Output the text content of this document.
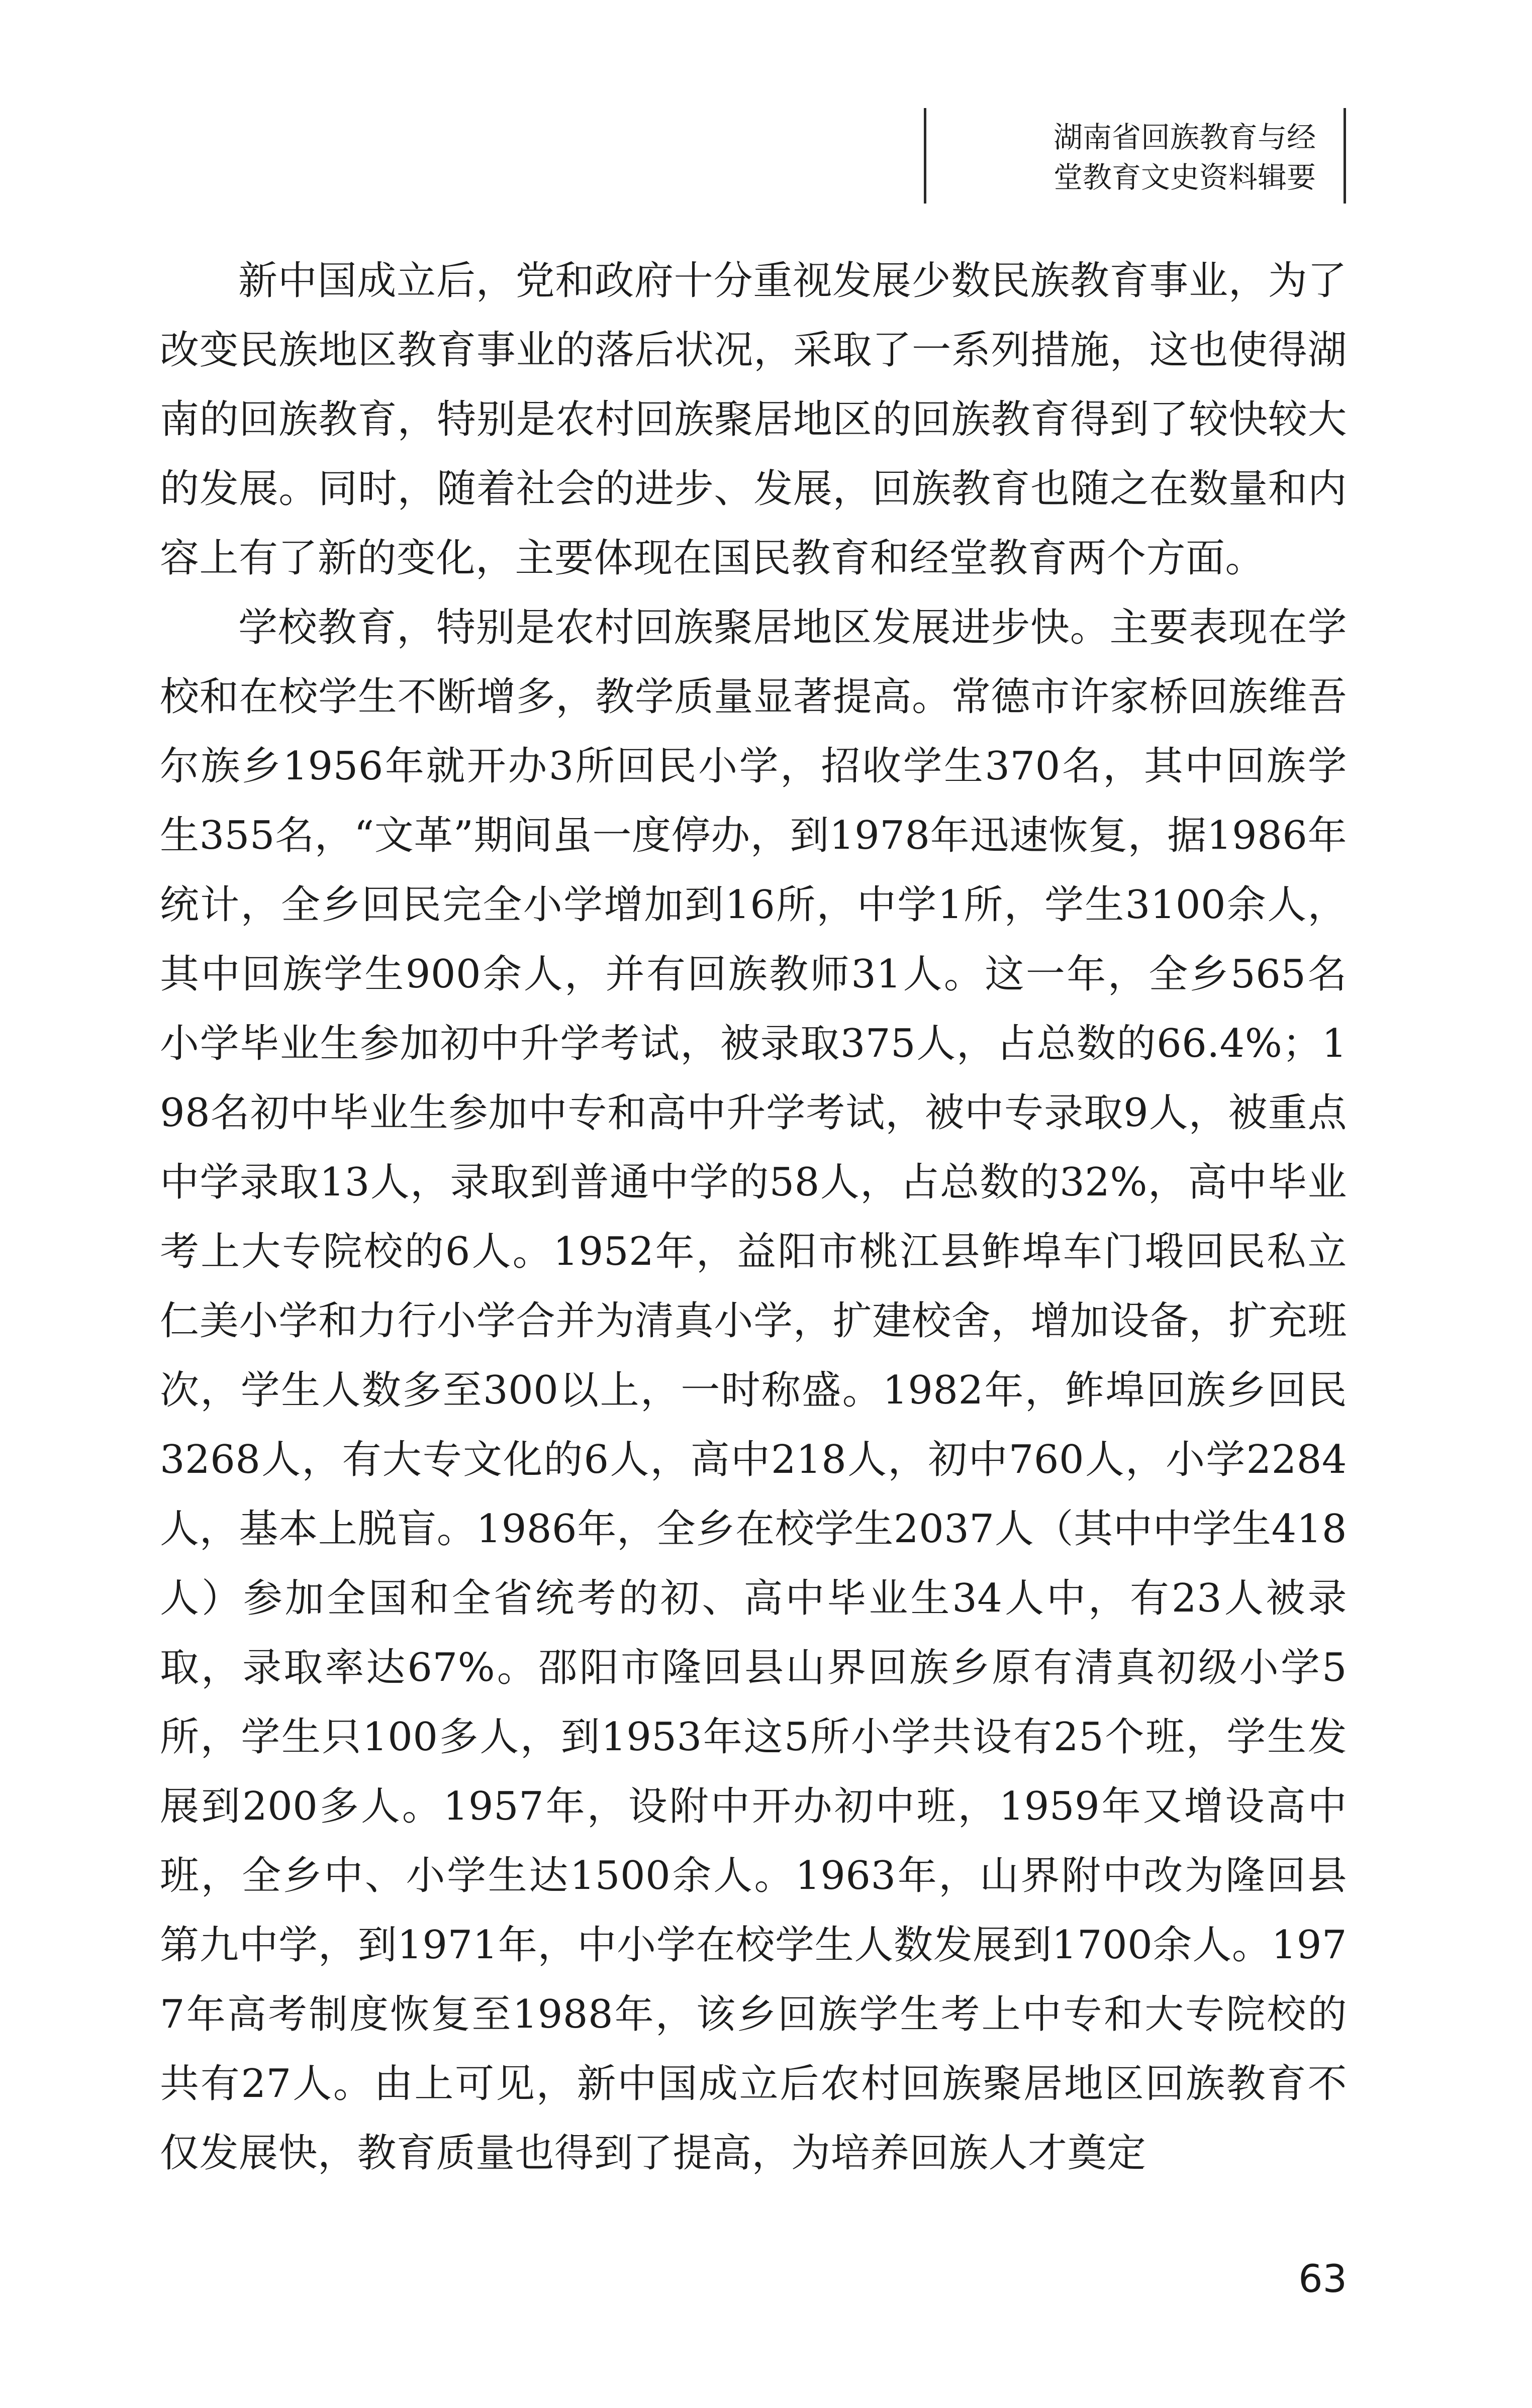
湖南省回族教育与经
堂教育文史资料辑要

新中国成立后，党和政府十分重视发展少数民族教育事业，为了改变民族地区教育事业的落后状况，采取了一系列措施，这也使得湖南的回族教育，特别是农村回族聚居地区的回族教育得到了较快较大的发展。同时，随着社会的进步、发展，回族教育也随之在数量和内容上有了新的变化，主要体现在国民教育和经堂教育两个方面。

学校教育，特别是农村回族聚居地区发展进步快。主要表现在学校和在校学生不断增多，教学质量显著提高。常德市许家桥回族维吾尔族乡1956年就开办3所回民小学，招收学生370名，其中回族学生355名，“文革”期间虽一度停办，到1978年迅速恢复，据1986年统计，全乡回民完全小学增加到16所，中学1所，学生3100余人，其中回族学生900余人，并有回族教师31人。这一年，全乡565名小学毕业生参加初中升学考试，被录取375人，占总数的66.4%；198名初中毕业生参加中专和高中升学考试，被中专录取9人，被重点中学录取13人，录取到普通中学的58人，占总数的32%，高中毕业考上大专院校的6人。1952年，益阳市桃江县鲊埠车门塅回民私立仁美小学和力行小学合并为清真小学，扩建校舍，增加设备，扩充班次，学生人数多至300以上，一时称盛。1982年，鲊埠回族乡回民3268人，有大专文化的6人，高中218人，初中760人，小学2284人，基本上脱盲。1986年，全乡在校学生2037人（其中中学生418人）参加全国和全省统考的初、高中毕业生34人中，有23人被录取，录取率达67%。邵阳市隆回县山界回族乡原有清真初级小学5所，学生只100多人，到1953年这5所小学共设有25个班，学生发展到200多人。1957年，设附中开办初中班，1959年又增设高中班，全乡中、小学生达1500余人。1963年，山界附中改为隆回县第九中学，到1971年，中小学在校学生人数发展到1700余人。1977年高考制度恢复至1988年，该乡回族学生考上中专和大专院校的共有27人。由上可见，新中国成立后农村回族聚居地区回族教育不仅发展快，教育质量也得到了提高，为培养回族人才奠定

63
